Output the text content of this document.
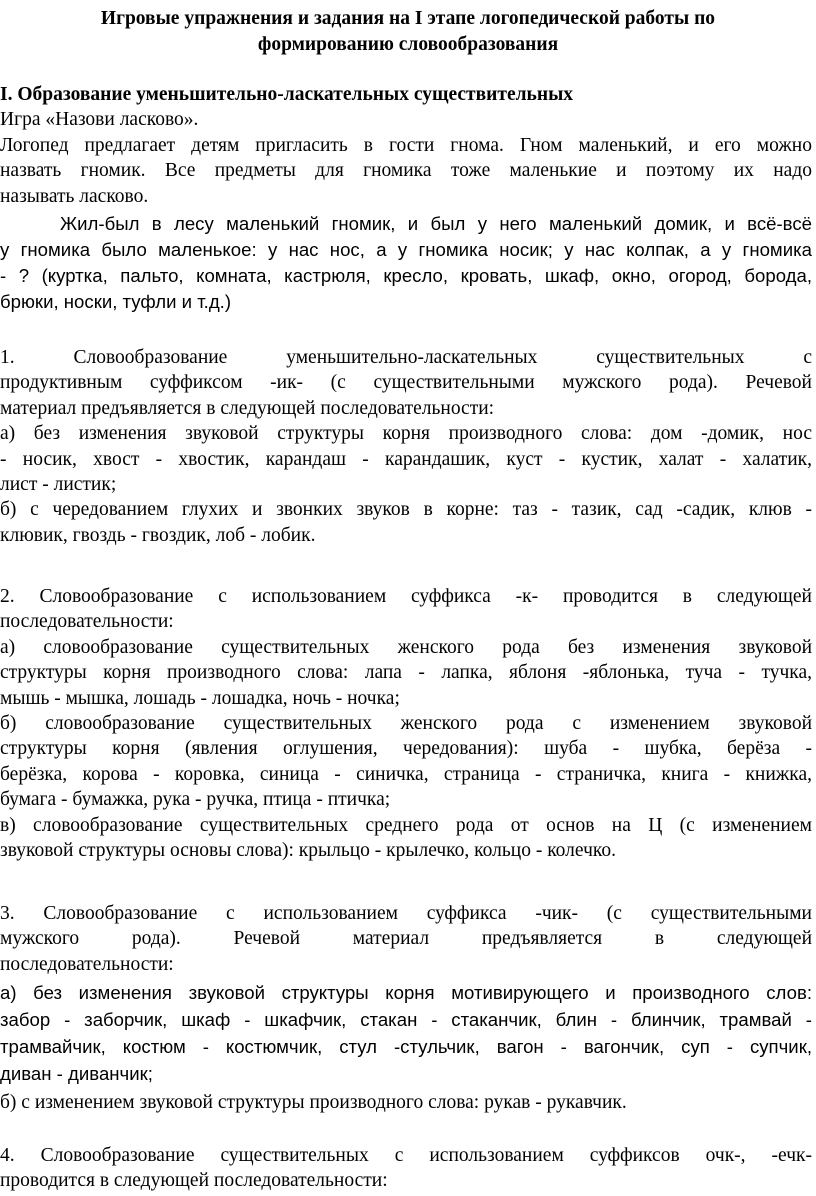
Игровые упражнения и задания на I этапе логопедической работы по
формированию словообразования
I. Образование уменьшительно-ласкательных существительных
Игра «Назови ласково».
Логопед предлагает детям пригласить в гости гнома. Гном маленький, и его можно
назвать гномик. Все предметы для гномика тоже маленькие и поэтому их надо
называть ласково.
Жил-был в лесу маленький гномик, и был у него маленький домик, и всё-всё
у гномика было маленькое: у нас нос, а у гномика носик; у нас колпак, а у гномика
- ? (куртка, пальто, комната, кастрюля, кресло, кровать, шкаф, окно, огород, борода,
брюки, носки, туфли и т.д.)
1. Словообразование уменьшительно-ласкательных существительных с
продуктивным суффиксом -ик- (с существительными мужского рода). Речевой
материал предъявляется в следующей последовательности:
а) без изменения звуковой структуры корня производного слова: дом -домик, нос
- носик, хвост - хвостик, карандаш - карандашик, куст - кустик, халат - халатик,
лист - листик;
б) с чередованием глухих и звонких звуков в корне: таз - тазик, сад -садик, клюв -
клювик, гвоздь - гвоздик, лоб - лобик.
2. Словообразование с использованием суффикса -к- проводится в следующей
последовательности:
а) словообразование существительных женского рода без изменения звуковой
структуры корня производного слова: лапа - лапка, яблоня -яблонька, туча - тучка,
мышь - мышка, лошадь - лошадка, ночь - ночка;
б) словообразование существительных женского рода с изменением звуковой
структуры корня (явления оглушения, чередования): шуба - шубка, берёза -
берёзка, корова - коровка, синица - синичка, страница - страничка, книга - книжка,
бумага - бумажка, рука - ручка, птица - птичка;
в) словообразование существительных среднего рода от основ на Ц (с изменением
звуковой структуры основы слова): крыльцо - крылечко, кольцо - колечко.
3. Словообразование с использованием суффикса -чик- (с существительными
мужского рода). Речевой материал предъявляется в следующей
последовательности:
а) без изменения звуковой структуры корня мотивирующего и производного слов:
забор - заборчик, шкаф - шкафчик, стакан - стаканчик, блин - блинчик, трамвай -
трамвайчик, костюм - костюмчик, стул -стульчик, вагон - вагончик, суп - супчик,
диван - диванчик;
б) с изменением звуковой структуры производного слова: рукав - рукавчик.
4. Словообразование существительных с использованием суффиксов очк-, -ечк-
проводится в следующей последовательности:
